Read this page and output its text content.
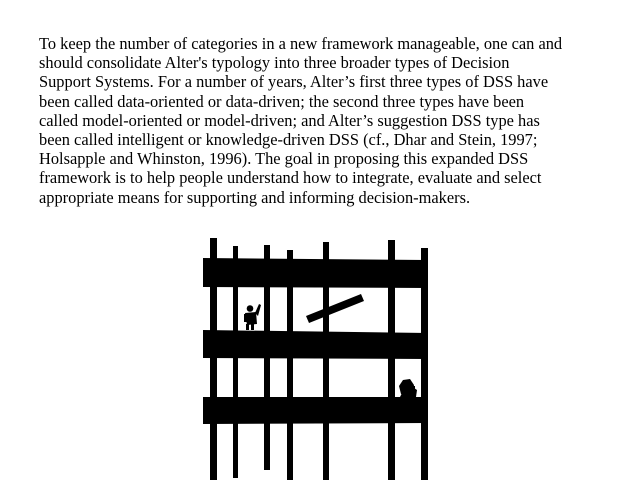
To keep the number of categories in a new framework manageable, one can and
should consolidate Alter's typology into three broader types of Decision
Support Systems. For a number of years, Alter’s first three types of DSS have
been called data-oriented or data-driven; the second three types have been
called model-oriented or model-driven; and Alter’s suggestion DSS type has
been called intelligent or knowledge-driven DSS (cf., Dhar and Stein, 1997;
Holsapple and Whinston, 1996). The goal in proposing this expanded DSS
framework is to help people understand how to integrate, evaluate and select
appropriate means for supporting and informing decision-makers.
